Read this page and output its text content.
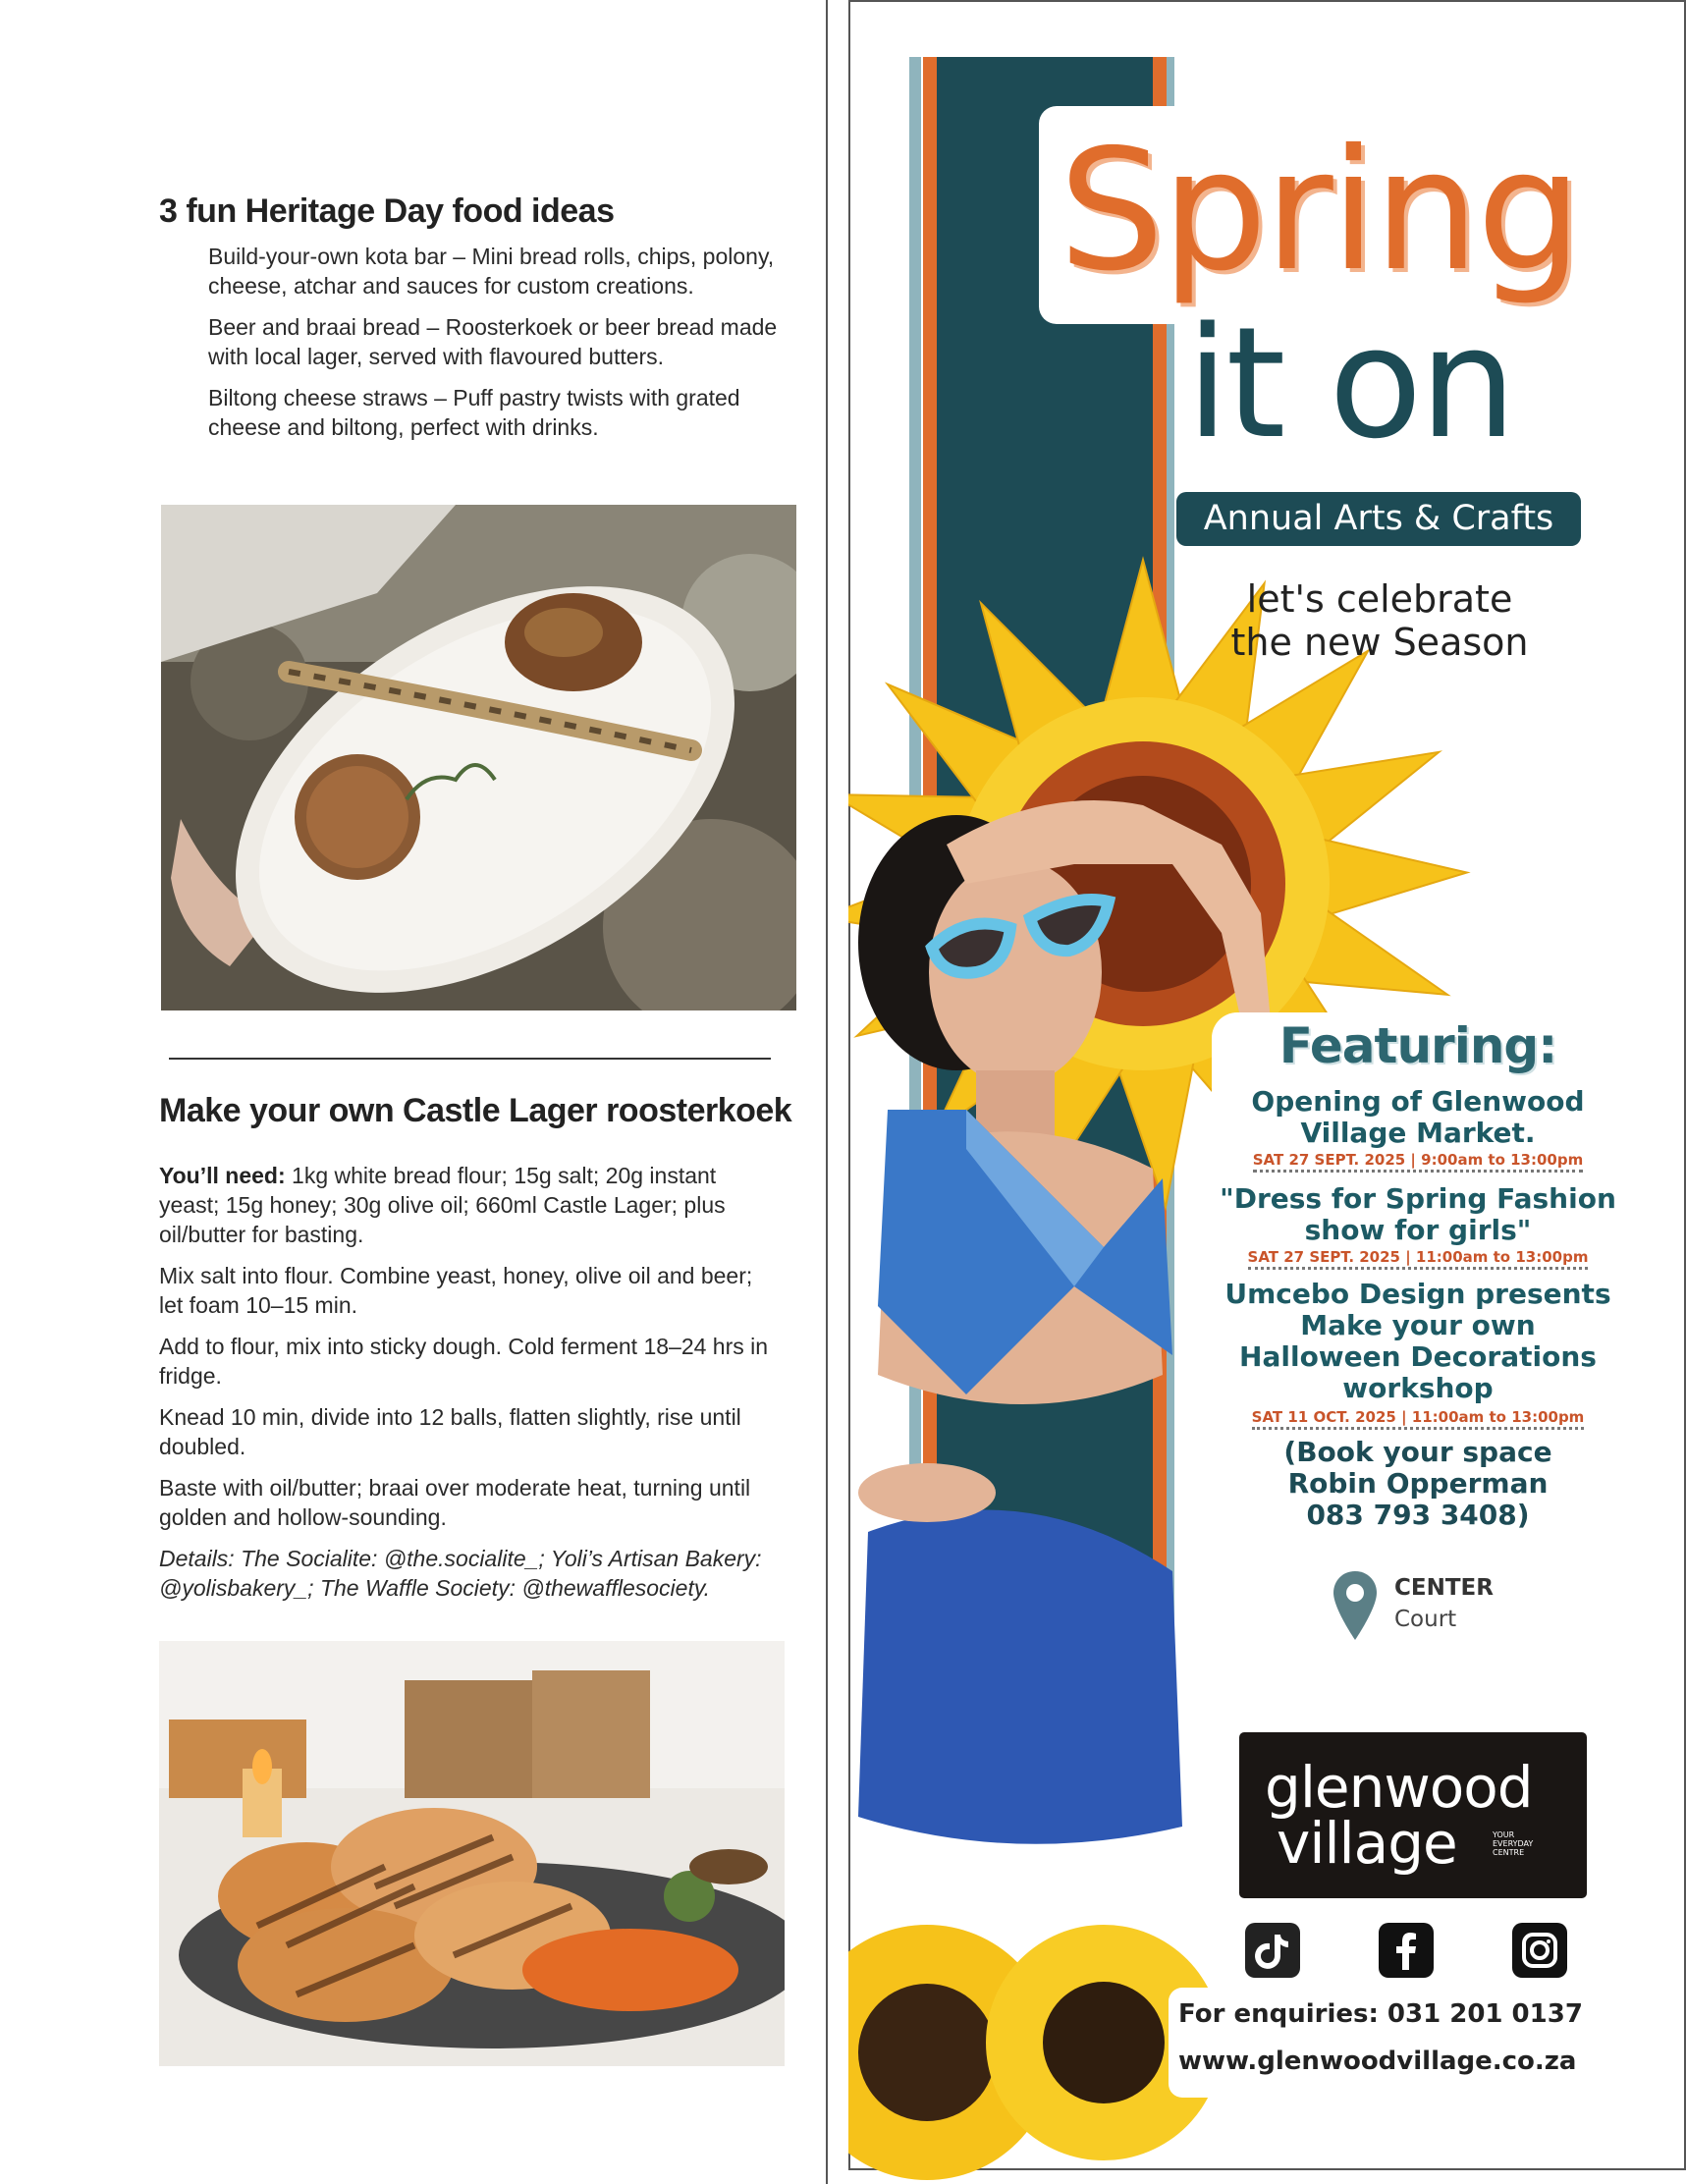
3 fun Heritage Day food ideas

Build-your-own kota bar – Mini bread rolls, chips, polony, cheese, atchar and sauces for custom creations.

Beer and braai bread – Roosterkoek or beer bread made with local lager, served with flavoured butters.

Biltong cheese straws – Puff pastry twists with grated cheese and biltong, perfect with drinks.

Make your own Castle Lager roosterkoek

You’ll need: 1kg white bread flour; 15g salt; 20g instant yeast; 15g honey; 30g olive oil; 660ml Castle Lager; plus oil/butter for basting.

Mix salt into flour. Combine yeast, honey, olive oil and beer; let foam 10–15 min.

Add to flour, mix into sticky dough. Cold ferment 18–24 hrs in fridge.

Knead 10 min, divide into 12 balls, flatten slightly, rise until doubled.

Baste with oil/butter; braai over moderate heat, turning until golden and hollow-sounding.

Details: The Socialite: @the.socialite_; Yoli’s Artisan Bakery: @yolisbakery_; The Waffle Society: @thewafflesociety.

Spring
it on
Annual Arts & Crafts
let's celebrate
the new Season
Featuring:
Opening of Glenwood
Village Market.
SAT 27 SEPT. 2025 | 9:00am to 13:00pm
"Dress for Spring Fashion
show for girls"
SAT 27 SEPT. 2025 | 11:00am to 13:00pm
Umcebo Design presents
Make your own
Halloween Decorations
workshop
SAT 11 OCT. 2025 | 11:00am to 13:00pm
(Book your space
Robin Opperman
083 793 3408)
CENTER
Court
glenwood
village	YOUR EVERYDAY CENTRE
For enquiries: 031 201 0137
www.glenwoodvillage.co.za
